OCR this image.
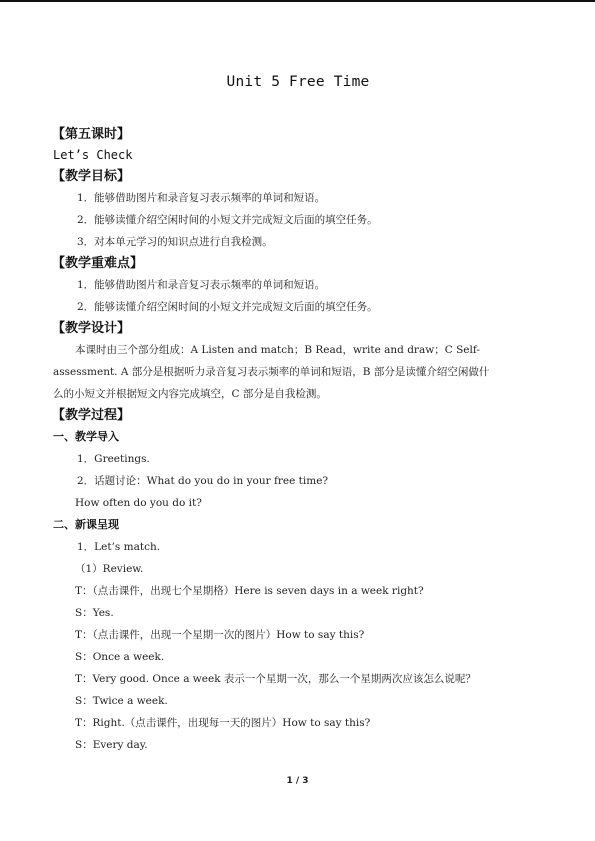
Unit 5 Free Time
【第五课时】
Let’s Check
【教学目标】
1．能够借助图片和录音复习表示频率的单词和短语。
2．能够读懂介绍空闲时间的小短文并完成短文后面的填空任务。
3．对本单元学习的知识点进行自我检测。
【教学重难点】
1．能够借助图片和录音复习表示频率的单词和短语。
2．能够读懂介绍空闲时间的小短文并完成短文后面的填空任务。
【教学设计】
本课时由三个部分组成：A Listen and match；B Read，write and draw；C Self-
assessment. A 部分是根据听力录音复习表示频率的单词和短语，B 部分是读懂介绍空闲做什
么的小短文并根据短文内容完成填空，C 部分是自我检测。
【教学过程】
一、教学导入
1．Greetings.
2．话题讨论：What do you do in your free time?
How often do you do it?
二、新课呈现
1．Let’s match.
（1）Review.
T：（点击课件，出现七个星期格）Here is seven days in a week right?
S：Yes.
T：（点击课件，出现一个星期一次的图片）How to say this?
S：Once a week.
T：Very good. Once a week 表示一个星期一次，那么一个星期两次应该怎么说呢？
S：Twice a week.
T：Right.（点击课件，出现每一天的图片）How to say this?
S：Every day.
1 / 3
